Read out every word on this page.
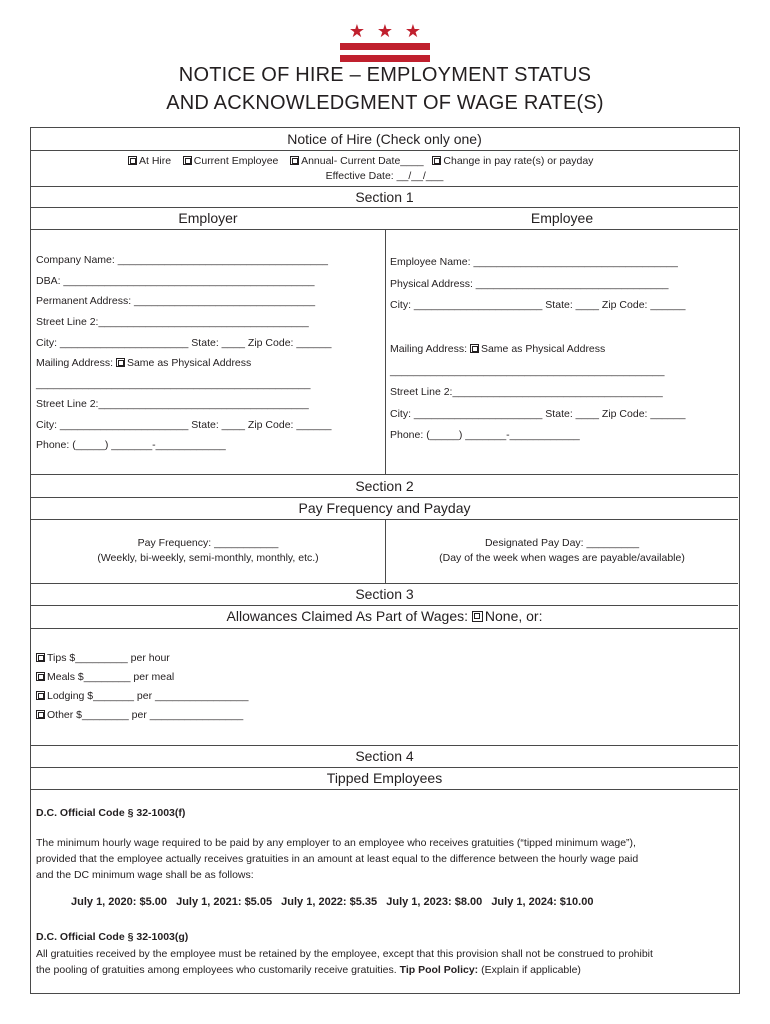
★ ★ ★
NOTICE OF HIRE – EMPLOYMENT STATUS
AND ACKNOWLEDGMENT OF WAGE RATE(S)
Notice of Hire (Check only one)
At Hire Current Employee Annual- Current Date____ Change in pay rate(s) or payday
Effective Date: __/__/___
Section 1
Employer	Employee
Company Name: ____________________________________
DBA: ___________________________________________
Permanent Address: _______________________________
Street Line 2:____________________________________
City: ______________________ State: ____ Zip Code: ______
Mailing Address: Same as Physical Address
_______________________________________________
Street Line 2:____________________________________
City: ______________________ State: ____ Zip Code: ______
Phone: (_____) _______-____________
Employee Name: ___________________________________
Physical Address: _________________________________
City: ______________________ State: ____ Zip Code: ______
Mailing Address: Same as Physical Address
_______________________________________________
Street Line 2:____________________________________
City: ______________________ State: ____ Zip Code: ______
Phone: (_____) _______-____________
Section 2
Pay Frequency and Payday
Pay Frequency: ___________
(Weekly, bi-weekly, semi-monthly, monthly, etc.)
Designated Pay Day: _________
(Day of the week when wages are payable/available)
Section 3
Allowances Claimed As Part of Wages: None, or:
Tips $_________ per hour
Meals $________ per meal
Lodging $_______ per ________________
Other $________ per ________________
Section 4
Tipped Employees
D.C. Official Code § 32-1003(f)
The minimum hourly wage required to be paid by any employer to an employee who receives gratuities (“tipped minimum wage”),
provided that the employee actually receives gratuities in an amount at least equal to the difference between the hourly wage paid
and the DC minimum wage shall be as follows:
July 1, 2020: $5.00 July 1, 2021: $5.05 July 1, 2022: $5.35 July 1, 2023: $8.00 July 1, 2024: $10.00
D.C. Official Code § 32-1003(g)
All gratuities received by the employee must be retained by the employee, except that this provision shall not be construed to prohibit
the pooling of gratuities among employees who customarily receive gratuities. Tip Pool Policy: (Explain if applicable)
